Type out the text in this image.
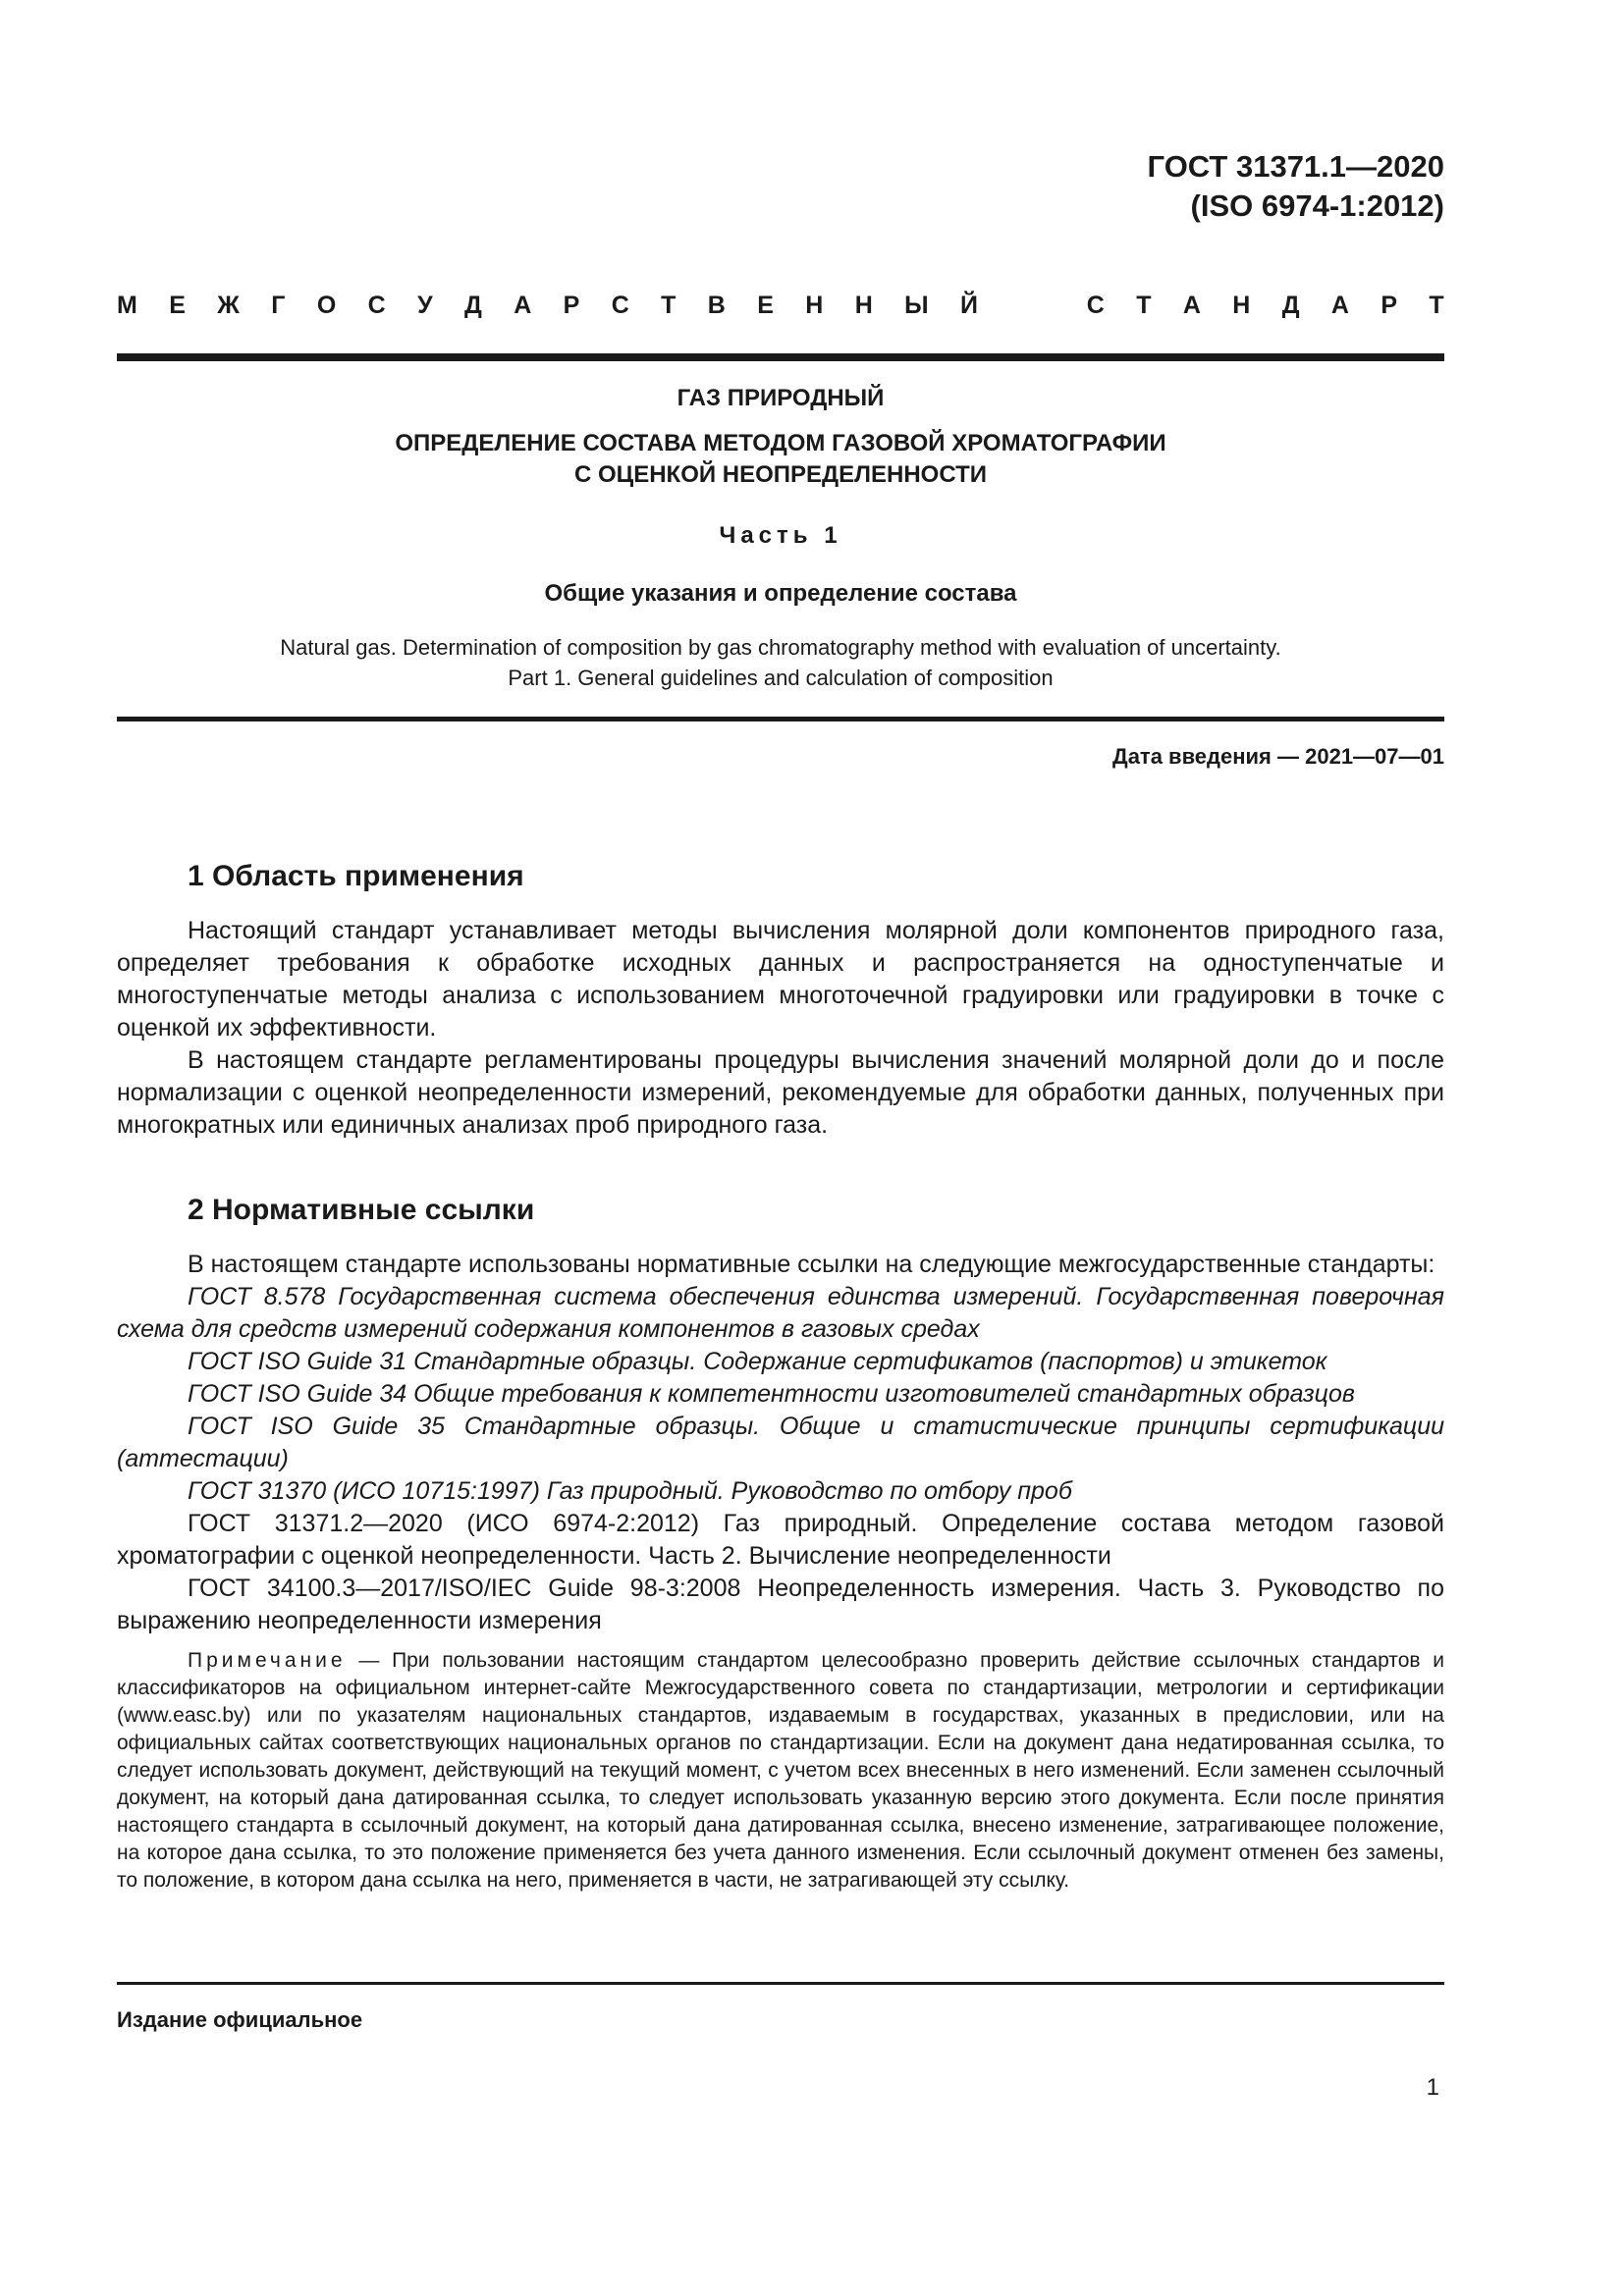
ГОСТ 31371.1—2020
(ISO 6974-1:2012)
М Е Ж Г О С У Д А Р С Т В Е Н Н Ы Й	С Т А Н Д А Р Т
ГАЗ ПРИРОДНЫЙ
ОПРЕДЕЛЕНИЕ СОСТАВА МЕТОДОМ ГАЗОВОЙ ХРОМАТОГРАФИИ
С ОЦЕНКОЙ НЕОПРЕДЕЛЕННОСТИ
Часть 1
Общие указания и определение состава
Natural gas. Determination of composition by gas chromatography method with evaluation of uncertainty.
Part 1. General guidelines and calculation of composition
Дата введения — 2021—07—01
1 Область применения

Настоящий стандарт устанавливает методы вычисления молярной доли компонентов природного газа, определяет требования к обработке исходных данных и распространяется на одноступенчатые и многоступенчатые методы анализа с использованием многоточечной градуировки или градуировки в точке с оценкой их эффективности.

В настоящем стандарте регламентированы процедуры вычисления значений молярной доли до и после нормализации с оценкой неопределенности измерений, рекомендуемые для обработки данных, полученных при многократных или единичных анализах проб природного газа.

2 Нормативные ссылки

В настоящем стандарте использованы нормативные ссылки на следующие межгосударственные стандарты:

ГОСТ 8.578 Государственная система обеспечения единства измерений. Государственная поверочная схема для средств измерений содержания компонентов в газовых средах

ГОСТ ISO Guide 31 Стандартные образцы. Содержание сертификатов (паспортов) и этикеток

ГОСТ ISO Guide 34 Общие требования к компетентности изготовителей стандартных образцов

ГОСТ ISO Guide 35 Стандартные образцы. Общие и статистические принципы сертификации (аттестации)

ГОСТ 31370 (ИСО 10715:1997) Газ природный. Руководство по отбору проб

ГОСТ 31371.2—2020 (ИСО 6974-2:2012) Газ природный. Определение состава методом газовой хроматографии с оценкой неопределенности. Часть 2. Вычисление неопределенности

ГОСТ 34100.3—2017/ISO/IEC Guide 98-3:2008 Неопределенность измерения. Часть 3. Руководство по выражению неопределенности измерения

Примечание — При пользовании настоящим стандартом целесообразно проверить действие ссылочных стандартов и классификаторов на официальном интернет-сайте Межгосударственного совета по стандартизации, метрологии и сертификации (www.easc.by) или по указателям национальных стандартов, издаваемым в государствах, указанных в предисловии, или на официальных сайтах соответствующих национальных органов по стандартизации. Если на документ дана недатированная ссылка, то следует использовать документ, действующий на текущий момент, с учетом всех внесенных в него изменений. Если заменен ссылочный документ, на который дана датированная ссылка, то следует использовать указанную версию этого документа. Если после принятия настоящего стандарта в ссылочный документ, на который дана датированная ссылка, внесено изменение, затрагивающее положение, на которое дана ссылка, то это положение применяется без учета данного изменения. Если ссылочный документ отменен без замены, то положение, в котором дана ссылка на него, применяется в части, не затрагивающей эту ссылку.

Издание официальное
1
